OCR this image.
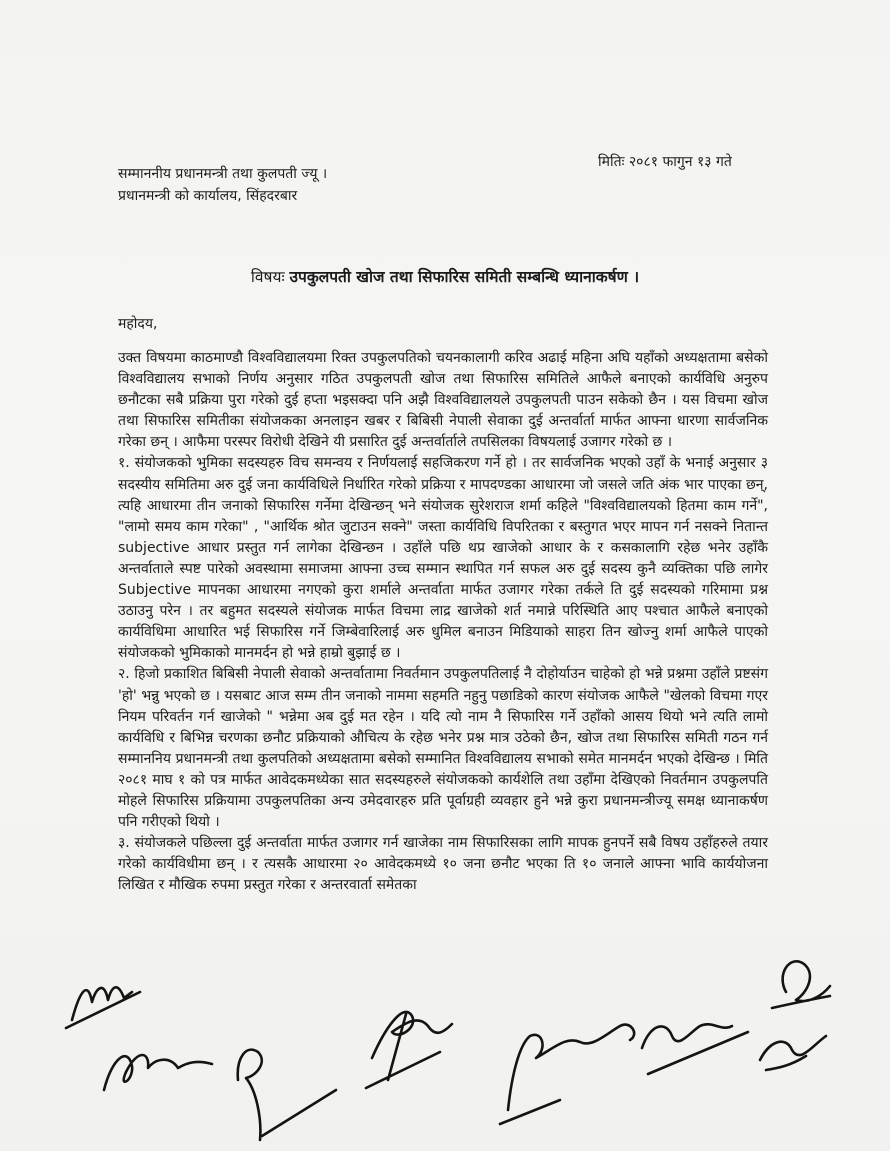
मितिः २०८१ फागुन १३ गते
सम्माननीय प्रधानमन्त्री तथा कुलपती ज्यू ।
प्रधानमन्त्री को कार्यालय, सिंहदरबार
विषयः उपकुलपती खोज तथा सिफारिस समिती सम्बन्धि ध्यानाकर्षण ।
महोदय,

उक्त विषयमा काठमाण्डौ विश्वविद्यालयमा रिक्त उपकुलपतिको चयनकालागी करिव अढाई महिना अघि यहाँको अध्यक्षतामा बसेको विश्वविद्यालय सभाको निर्णय अनुसार गठित उपकुलपती खोज तथा सिफारिस समितिले आफैले बनाएको कार्यविधि अनुरुप छनौटका सबै प्रक्रिया पुरा गरेको दुई हप्ता भइसक्दा पनि अझै विश्वविद्यालयले उपकुलपती पाउन सकेको छैन । यस विचमा खोज तथा सिफारिस समितीका संयोजकका अनलाइन खबर र बिबिसी नेपाली सेवाका दुई अन्तर्वार्ता मार्फत आफ्ना धारणा सार्वजनिक गरेका छन् । आफैमा परस्पर विरोधी देखिने यी प्रसारित दुई अन्तर्वार्ताले तपसिलका विषयलाई उजागर गरेको छ ।

१. संयोजकको भुमिका सदस्यहरु विच समन्वय र निर्णयलाई सहजिकरण गर्ने हो । तर सार्वजनिक भएको उहाँ के भनाई अनुसार ३ सदस्यीय समितिमा अरु दुई जना कार्यविधिले निर्धारित गरेको प्रक्रिया र मापदण्डका आधारमा जो जसले जति अंक भार पाएका छन्, त्यहि आधारमा तीन जनाको सिफारिस गर्नेमा देखिन्छन् भने संयोजक सुरेशराज शर्मा कहिले "विश्वविद्यालयको हितमा काम गर्ने", "लामो समय काम गरेका" , "आर्थिक श्रोत जुटाउन सक्ने" जस्ता कार्यविधि विपरितका र बस्तुगत भएर मापन गर्न नसक्ने नितान्त subjective आधार प्रस्तुत गर्न लागेका देखिन्छन । उहाँले पछि थप्र खाजेको आधार के र कसकालागि रहेछ भनेर उहाँकै अन्तर्वाताले स्पष्ट पारेको अवस्थामा समाजमा आफ्ना उच्च सम्मान स्थापित गर्न सफल अरु दुई सदस्य कुनै व्यक्तिका पछि लागेर Subjective मापनका आधारमा नगएको कुरा शर्माले अन्तर्वाता मार्फत उजागर गरेका तर्कले ति दुई सदस्यको गरिमामा प्रश्न उठाउनु परेन । तर बहुमत सदस्यले संयोजक मार्फत विचमा लाद्र खाजेको शर्त नमान्ने परिस्थिति आए पश्चात आफैले बनाएको कार्यविधिमा आधारित भई सिफारिस गर्ने जिम्बेवारिलाई अरु धुमिल बनाउन मिडियाको साहरा तिन खोज्नु शर्मा आफैले पाएको संयोजकको भुमिकाको मानमर्दन हो भन्ने हाम्रो बुझाई छ ।

२. हिजो प्रकाशित बिबिसी नेपाली सेवाको अन्तर्वातामा निवर्तमान उपकुलपतिलाई नै दोहोर्याउन चाहेको हो भन्ने प्रश्नमा उहाँले प्रष्टसंग 'हो' भन्नु भएको छ । यसबाट आज सम्म तीन जनाको नाममा सहमति नहुनु पछाडिको कारण संयोजक आफैले "खेलको विचमा गएर नियम परिवर्तन गर्न खाजेको " भन्नेमा अब दुई मत रहेन । यदि त्यो नाम नै सिफारिस गर्ने उहाँको आसय थियो भने त्यति लामो कार्यविधि र बिभिन्न चरणका छनौट प्रक्रियाको औचित्य के रहेछ भनेर प्रश्न मात्र उठेको छैन, खोज तथा सिफारिस समिती गठन गर्न सम्माननिय प्रधानमन्त्री तथा कुलपतिको अध्यक्षतामा बसेको सम्मानित विश्वविद्यालय सभाको समेत मानमर्दन भएको देखिन्छ । मिति २०८१ माघ १ को पत्र मार्फत आवेदकमध्येका सात सदस्यहरुले संयोजकको कार्यशेलि तथा उहाँमा देखिएको निवर्तमान उपकुलपति मोहले सिफारिस प्रक्रियामा उपकुलपतिका अन्य उमेदवारहरु प्रति पूर्वाग्रही व्यवहार हुने भन्ने कुरा प्रधानमन्त्रीज्यू समक्ष ध्यानाकर्षण पनि गरीएको थियो ।

३. संयोजकले पछिल्ला दुई अन्तर्वाता मार्फत उजागर गर्न खाजेका नाम सिफारिसका लागि मापक हुनपर्ने सबै विषय उहाँहरुले तयार गरेको कार्यविधीमा छन् । र त्यसकै आधारमा २० आवेदकमध्ये १० जना छनौट भएका ति १० जनाले आफ्ना भावि कार्ययोजना लिखित र मौखिक रुपमा प्रस्तुत गरेका र अन्तरवार्ता समेतका
